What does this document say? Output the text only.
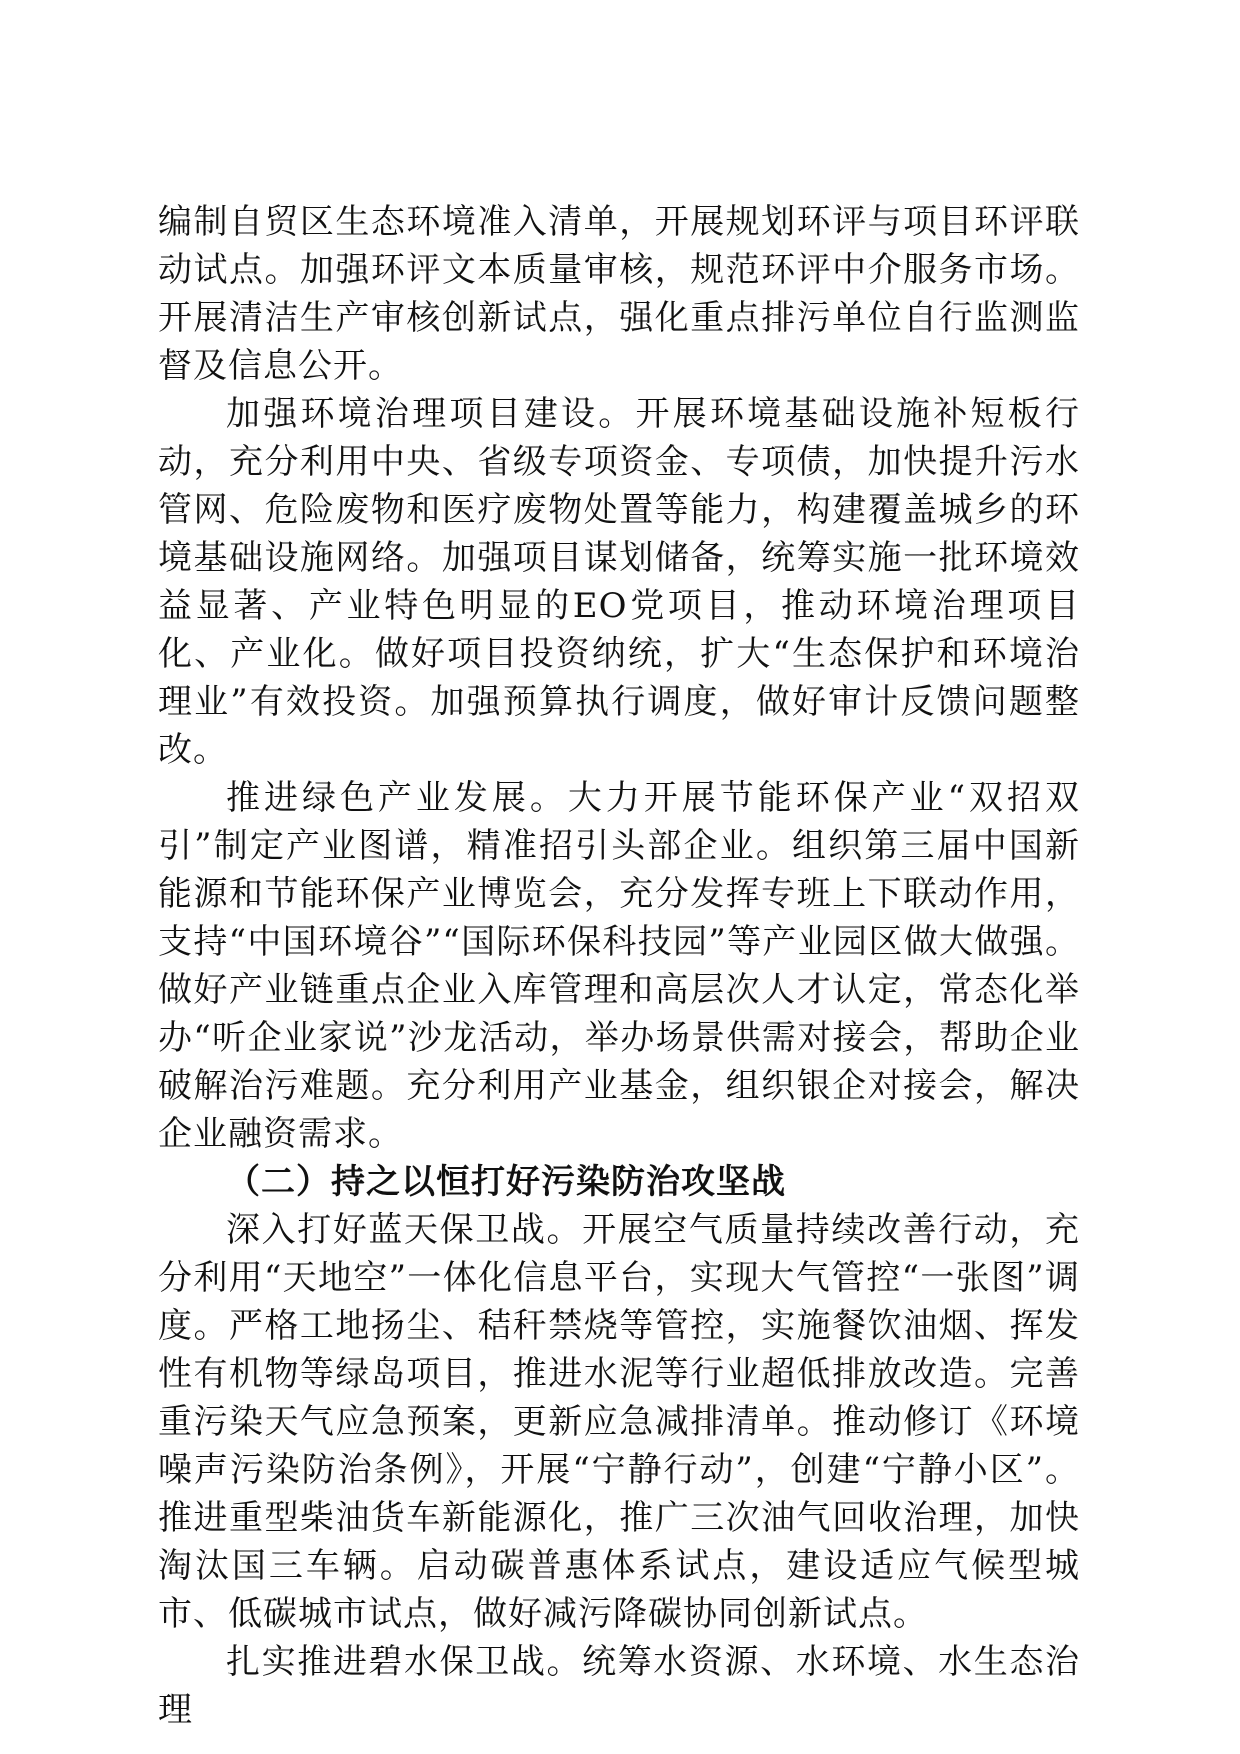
编制自贸区生态环境准入清单，开展规划环评与项目环评联动试点。加强环评文本质量审核，规范环评中介服务市场。开展清洁生产审核创新试点，强化重点排污单位自行监测监督及信息公开。

加强环境治理项目建设。开展环境基础设施补短板行动，充分利用中央、省级专项资金、专项债，加快提升污水管网、危险废物和医疗废物处置等能力，构建覆盖城乡的环境基础设施网络。加强项目谋划储备，统筹实施一批环境效益显著、产业特色明显的EO党项目，推动环境治理项目化、产业化。做好项目投资纳统，扩大“生态保护和环境治理业”有效投资。加强预算执行调度，做好审计反馈问题整改。

推进绿色产业发展。大力开展节能环保产业“双招双引”制定产业图谱，精准招引头部企业。组织第三届中国新能源和节能环保产业博览会，充分发挥专班上下联动作用，支持“中国环境谷”“国际环保科技园”等产业园区做大做强。做好产业链重点企业入库管理和高层次人才认定，常态化举办“听企业家说”沙龙活动，举办场景供需对接会，帮助企业破解治污难题。充分利用产业基金，组织银企对接会，解决企业融资需求。

（二）持之以恒打好污染防治攻坚战

深入打好蓝天保卫战。开展空气质量持续改善行动，充分利用“天地空”一体化信息平台，实现大气管控“一张图”调度。严格工地扬尘、秸秆禁烧等管控，实施餐饮油烟、挥发性有机物等绿岛项目，推进水泥等行业超低排放改造。完善重污染天气应急预案，更新应急减排清单。推动修订《环境噪声污染防治条例》，开展“宁静行动”，创建“宁静小区”。推进重型柴油货车新能源化，推广三次油气回收治理，加快淘汰国三车辆。启动碳普惠体系试点，建设适应气候型城市、低碳城市试点，做好减污降碳协同创新试点。

扎实推进碧水保卫战。统筹水资源、水环境、水生态治理
